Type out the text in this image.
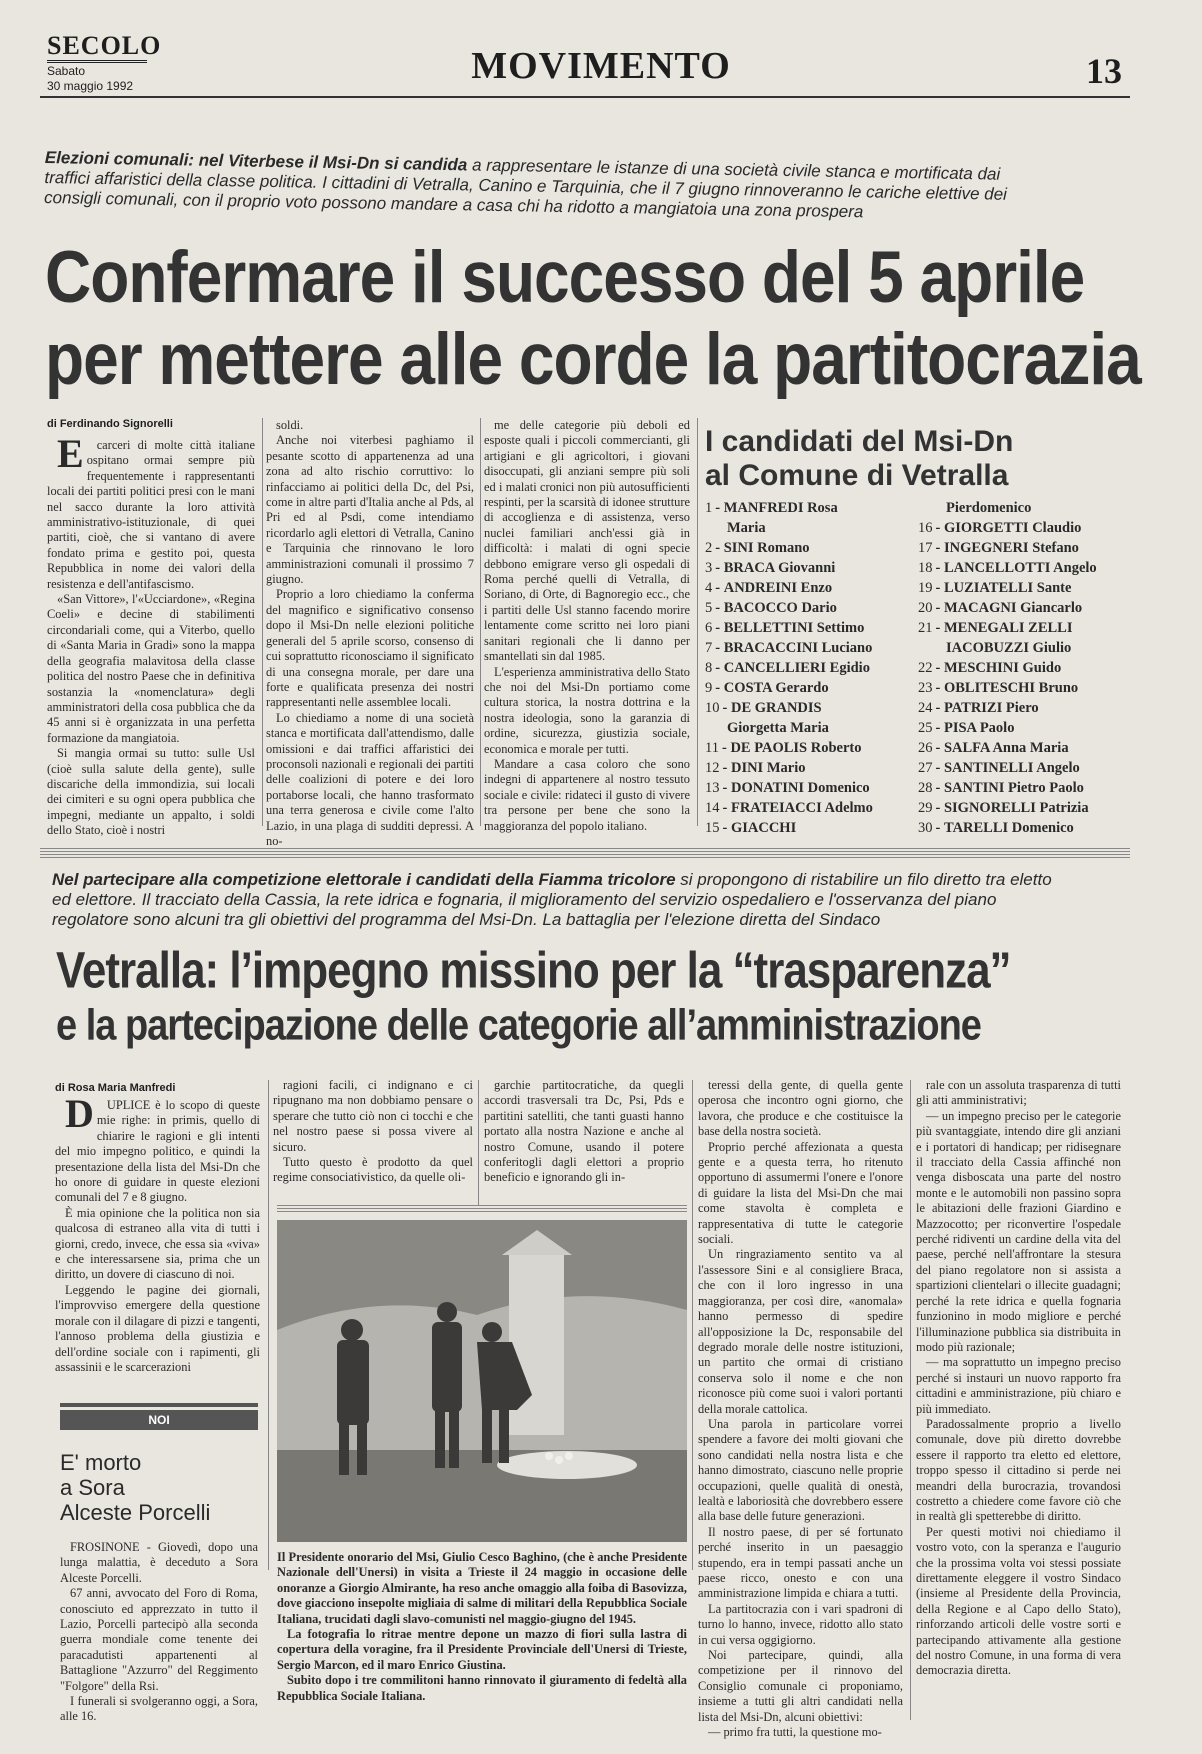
SECOLO
Sabato
30 maggio 1992	MOVIMENTO	13
Elezioni comunali: nel Viterbese il Msi-Dn si candida a rappresentare le istanze di una società civile stanca e mortificata dai traffici affaristici della classe politica. I cittadini di Vetralla, Canino e Tarquinia, che il 7 giugno rinnoveranno le cariche elettive dei consigli comunali, con il proprio voto possono mandare a casa chi ha ridotto a mangiatoia una zona prospera
Confermare il successo del 5 aprile
per mettere alle corde la partitocrazia
di Ferdinando Signorelli

Ecarceri di molte città italiane ospitano ormai sempre più frequentemente i rappresentanti locali dei partiti politici presi con le mani nel sacco durante la loro attività amministrativo-istituzionale, di quei partiti, cioè, che si vantano di avere fondato prima e gestito poi, questa Repubblica in nome dei valori della resistenza e dell'antifascismo.

«San Vittore», l'«Ucciardone», «Regina Coeli» e decine di stabilimenti circondariali come, qui a Viterbo, quello di «Santa Maria in Gradi» sono la mappa della geografia malavitosa della classe politica del nostro Paese che in definitiva sostanzia la «nomenclatura» degli amministratori della cosa pubblica che da 45 anni si è organizzata in una perfetta formazione da mangiatoia.

Si mangia ormai su tutto: sulle Usl (cioè sulla salute della gente), sulle discariche della immondizia, sui locali dei cimiteri e su ogni opera pubblica che impegni, mediante un appalto, i soldi dello Stato, cioè i nostri

soldi.

Anche noi viterbesi paghiamo il pesante scotto di appartenenza ad una zona ad alto rischio corruttivo: lo rinfacciamo ai politici della Dc, del Psi, come in altre parti d'Italia anche al Pds, al Pri ed al Psdi, come intendiamo ricordarlo agli elettori di Vetralla, Canino e Tarquinia che rinnovano le loro amministrazioni comunali il prossimo 7 giugno.

Proprio a loro chiediamo la conferma del magnifico e significativo consenso dopo il Msi-Dn nelle elezioni politiche generali del 5 aprile scorso, consenso di cui soprattutto riconosciamo il significato di una consegna morale, per dare una forte e qualificata presenza dei nostri rappresentanti nelle assemblee locali.

Lo chiediamo a nome di una società stanca e mortificata dall'attendismo, dalle omissioni e dai traffici affaristici dei proconsoli nazionali e regionali dei partiti delle coalizioni di potere e dei loro portaborse locali, che hanno trasformato una terra generosa e civile come l'alto Lazio, in una plaga di sudditi depressi. A no-

me delle categorie più deboli ed esposte quali i piccoli commercianti, gli artigiani e gli agricoltori, i giovani disoccupati, gli anziani sempre più soli ed i malati cronici non più autosufficienti respinti, per la scarsità di idonee strutture di accoglienza e di assistenza, verso nuclei familiari anch'essi già in difficoltà: i malati di ogni specie debbono emigrare verso gli ospedali di Roma perché quelli di Vetralla, di Soriano, di Orte, di Bagnoregio ecc., che i partiti delle Usl stanno facendo morire lentamente come scritto nei loro piani sanitari regionali che li danno per smantellati sin dal 1985.

L'esperienza amministrativa dello Stato che noi del Msi-Dn portiamo come cultura storica, la nostra dottrina e la nostra ideologia, sono la garanzia di ordine, sicurezza, giustizia sociale, economica e morale per tutti.

Mandare a casa coloro che sono indegni di appartenere al nostro tessuto sociale e civile: ridateci il gusto di vivere tra persone per bene che sono la maggioranza del popolo italiano.

I candidati del Msi-Dn
al Comune di Vetralla
1 - MANFREDI Rosa
Maria
2 - SINI Romano
3 - BRACA Giovanni
4 - ANDREINI Enzo
5 - BACOCCO Dario
6 - BELLETTINI Settimo
7 - BRACACCINI Luciano
8 - CANCELLIERI Egidio
9 - COSTA Gerardo
10 - DE GRANDIS
Giorgetta Maria
11 - DE PAOLIS Roberto
12 - DINI Mario
13 - DONATINI Domenico
14 - FRATEIACCI Adelmo
15 - GIACCHI
Pierdomenico
16 - GIORGETTI Claudio
17 - INGEGNERI Stefano
18 - LANCELLOTTI Angelo
19 - LUZIATELLI Sante
20 - MACAGNI Giancarlo
21 - MENEGALI ZELLI
IACOBUZZI Giulio
22 - MESCHINI Guido
23 - OBLITESCHI Bruno
24 - PATRIZI Piero
25 - PISA Paolo
26 - SALFA Anna Maria
27 - SANTINELLI Angelo
28 - SANTINI Pietro Paolo
29 - SIGNORELLI Patrizia
30 - TARELLI Domenico
Nel partecipare alla competizione elettorale i candidati della Fiamma tricolore si propongono di ristabilire un filo diretto tra eletto ed elettore. Il tracciato della Cassia, la rete idrica e fognaria, il miglioramento del servizio ospedaliero e l'osservanza del piano regolatore sono alcuni tra gli obiettivi del programma del Msi-Dn. La battaglia per l'elezione diretta del Sindaco
Vetralla: l’impegno missino per la “trasparenza”
e la partecipazione delle categorie all’amministrazione
di Rosa Maria Manfredi

DUPLICE è lo scopo di queste mie righe: in primis, quello di chiarire le ragioni e gli intenti del mio impegno politico, e quindi la presentazione della lista del Msi-Dn che ho onore di guidare in queste elezioni comunali del 7 e 8 giugno.

È mia opinione che la politica non sia qualcosa di estraneo alla vita di tutti i giorni, credo, invece, che essa sia «viva» e che interessarsene sia, prima che un diritto, un dovere di ciascuno di noi.

Leggendo le pagine dei giornali, l'improvviso emergere della questione morale con il dilagare di pizzi e tangenti, l'annoso problema della giustizia e dell'ordine sociale con i rapimenti, gli assassinii e le scarcerazioni

ragioni facili, ci indignano e ci ripugnano ma non dobbiamo pensare o sperare che tutto ciò non ci tocchi e che nel nostro paese si possa vivere al sicuro.

Tutto questo è prodotto da quel regime consociativistico, da quelle oli-

garchie partitocratiche, da quegli accordi trasversali tra Dc, Psi, Pds e partitini satelliti, che tanti guasti hanno portato alla nostra Nazione e anche al nostro Comune, usando il potere conferitogli dagli elettori a proprio beneficio e ignorando gli in-

Il Presidente onorario del Msi, Giulio Cesco Baghino, (che è anche Presidente Nazionale dell'Unersi) in visita a Trieste il 24 maggio in occasione delle onoranze a Giorgio Almirante, ha reso anche omaggio alla foiba di Basovizza, dove giacciono insepolte migliaia di salme di militari della Repubblica Sociale Italiana, trucidati dagli slavo-comunisti nel maggio-giugno del 1945.
La fotografia lo ritrae mentre depone un mazzo di fiori sulla lastra di copertura della voragine, fra il Presidente Provinciale dell'Unersi di Trieste, Sergio Marcon, ed il maro Enrico Giustina.
Subito dopo i tre commilitoni hanno rinnovato il giuramento di fedeltà alla Repubblica Sociale Italiana.

teressi della gente, di quella gente operosa che incontro ogni giorno, che lavora, che produce e che costituisce la base della nostra società.

Proprio perché affezionata a questa gente e a questa terra, ho ritenuto opportuno di assumermi l'onere e l'onore di guidare la lista del Msi-Dn che mai come stavolta è completa e rappresentativa di tutte le categorie sociali.

Un ringraziamento sentito va al l'assessore Sini e al consigliere Braca, che con il loro ingresso in una maggioranza, per così dire, «anomala» hanno permesso di spedire all'opposizione la Dc, responsabile del degrado morale delle nostre istituzioni, un partito che ormai di cristiano conserva solo il nome e che non riconosce più come suoi i valori portanti della morale cattolica.

Una parola in particolare vorrei spendere a favore dei molti giovani che sono candidati nella nostra lista e che hanno dimostrato, ciascuno nelle proprie occupazioni, quelle qualità di onestà, lealtà e laboriosità che dovrebbero essere alla base delle future generazioni.

Il nostro paese, di per sé fortunato perché inserito in un paesaggio stupendo, era in tempi passati anche un paese ricco, onesto e con una amministrazione limpida e chiara a tutti.

La partitocrazia con i vari spadroni di turno lo hanno, invece, ridotto allo stato in cui versa oggigiorno.

Noi partecipare, quindi, alla competizione per il rinnovo del Consiglio comunale ci proponiamo, insieme a tutti gli altri candidati nella lista del Msi-Dn, alcuni obiettivi:

— primo fra tutti, la questione mo-

rale con un assoluta trasparenza di tutti gli atti amministrativi;

— un impegno preciso per le categorie più svantaggiate, intendo dire gli anziani e i portatori di handicap; per ridisegnare il tracciato della Cassia affinché non venga disboscata una parte del nostro monte e le automobili non passino sopra le abitazioni delle frazioni Giardino e Mazzocotto; per riconvertire l'ospedale perché ridiventi un cardine della vita del paese, perché nell'affrontare la stesura del piano regolatore non si assista a spartizioni clientelari o illecite guadagni; perché la rete idrica e quella fognaria funzionino in modo migliore e perché l'illuminazione pubblica sia distribuita in modo più razionale;

— ma soprattutto un impegno preciso perché si instauri un nuovo rapporto fra cittadini e amministrazione, più chiaro e più immediato.

Paradossalmente proprio a livello comunale, dove più diretto dovrebbe essere il rapporto tra eletto ed elettore, troppo spesso il cittadino si perde nei meandri della burocrazia, trovandosi costretto a chiedere come favore ciò che in realtà gli spetterebbe di diritto.

Per questi motivi noi chiediamo il vostro voto, con la speranza e l'augurio che la prossima volta voi stessi possiate direttamente eleggere il vostro Sindaco (insieme al Presidente della Provincia, della Regione e al Capo dello Stato), rinforzando articoli delle vostre sorti e partecipando attivamente alla gestione del nostro Comune, in una forma di vera democrazia diretta.

NOI
E' morto
a Sora
Alceste Porcelli

FROSINONE - Giovedì, dopo una lunga malattia, è deceduto a Sora Alceste Porcelli.

67 anni, avvocato del Foro di Roma, conosciuto ed apprezzato in tutto il Lazio, Porcelli partecipò alla seconda guerra mondiale come tenente dei paracadutisti appartenenti al Battaglione "Azzurro" del Reggimento "Folgore" della Rsi.

I funerali si svolgeranno oggi, a Sora, alle 16.
